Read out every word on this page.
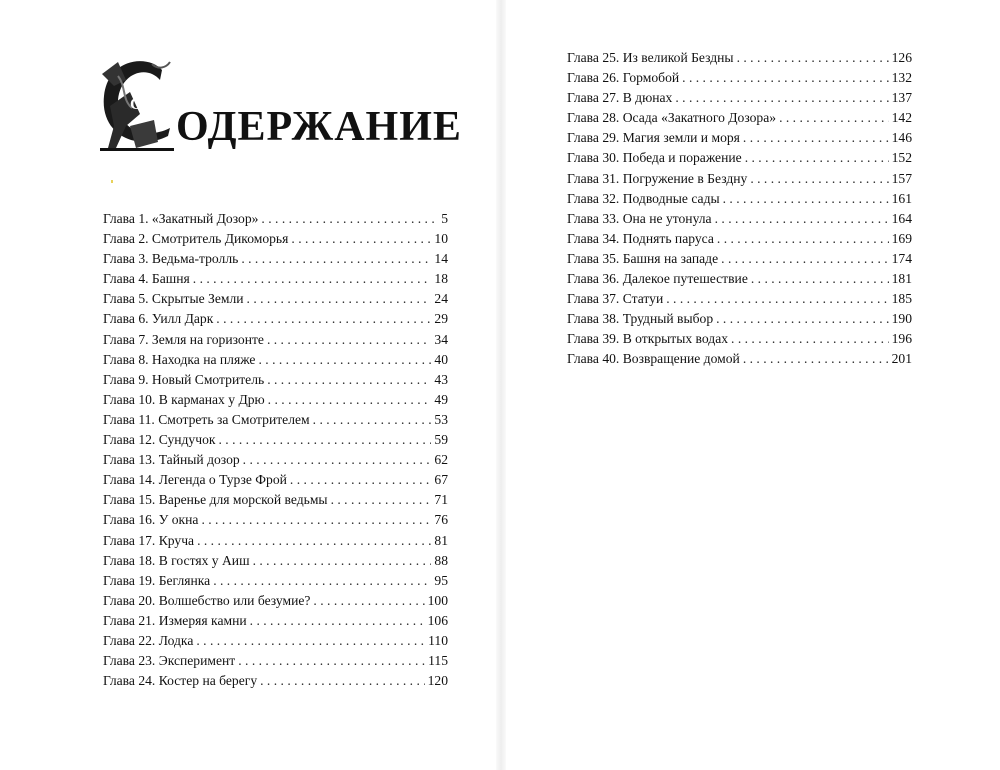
С ОДЕРЖАНИЕ
Глава 1. «Закатный Дозор» . . .	5
Глава 2. Смотритель Дикоморья . . .	10
Глава 3. Ведьма-тролль . . .	14
Глава 4. Башня . . .	18
Глава 5. Скрытые Земли . . .	24
Глава 6. Уилл Дарк . . .	29
Глава 7. Земля на горизонте . . .	34
Глава 8. Находка на пляже . . .	40
Глава 9. Новый Смотритель . . .	43
Глава 10. В карманах у Дрю . . .	49
Глава 11. Смотреть за Смотрителем . . .	53
Глава 12. Сундучок . . .	59
Глава 13. Тайный дозор . . .	62
Глава 14. Легенда о Турзе Фрой . . .	67
Глава 15. Варенье для морской ведьмы . . .	71
Глава 16. У окна . . .	76
Глава 17. Круча . . .	81
Глава 18. В гостях у Аиш . . .	88
Глава 19. Беглянка . . .	95
Глава 20. Волшебство или безумие? . . .	100
Глава 21. Измеряя камни . . .	106
Глава 22. Лодка . . .	110
Глава 23. Эксперимент . . .	115
Глава 24. Костер на берегу . . .	120
Глава 25. Из великой Бездны . . .	126
Глава 26. Гормобой . . .	132
Глава 27. В дюнах . . .	137
Глава 28. Осада «Закатного Дозора» . . .	142
Глава 29. Магия земли и моря . . .	146
Глава 30. Победа и поражение . . .	152
Глава 31. Погружение в Бездну . . .	157
Глава 32. Подводные сады . . .	161
Глава 33. Она не утонула . . .	164
Глава 34. Поднять паруса . . .	169
Глава 35. Башня на западе . . .	174
Глава 36. Далекое путешествие . . .	181
Глава 37. Статуи . . .	185
Глава 38. Трудный выбор . . .	190
Глава 39. В открытых водах . . .	196
Глава 40. Возвращение домой . . .	201
